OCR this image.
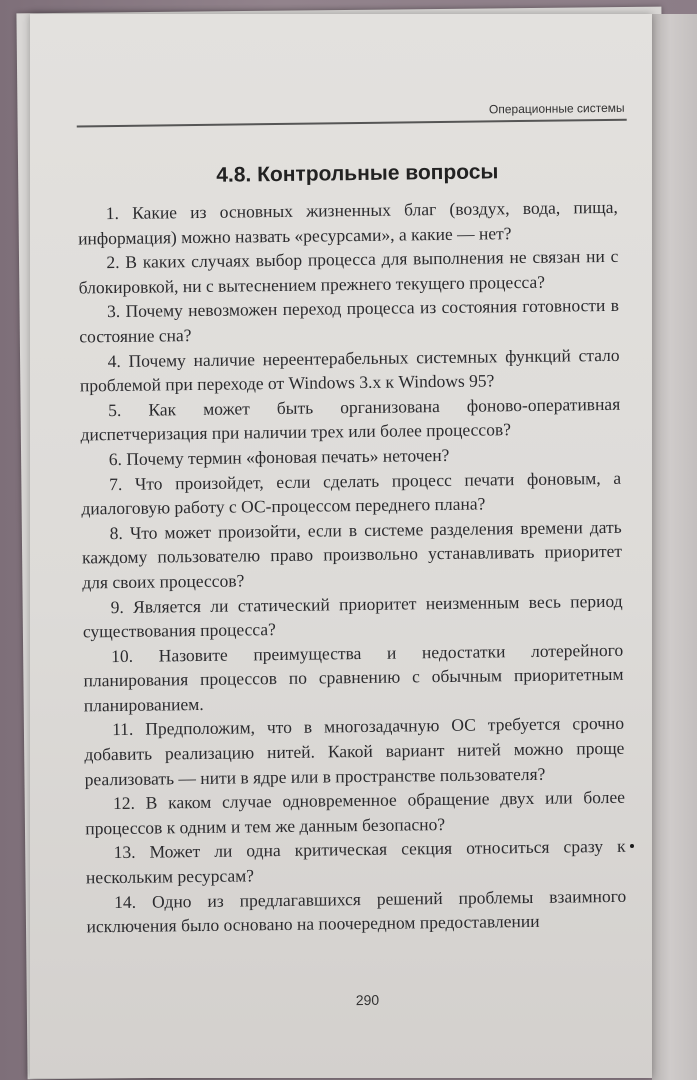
Операционные системы
4.8. Контрольные вопросы
1. Какие из основных жизненных благ (воздух, вода, пища, информация) можно назвать «ресурсами», а какие — нет?
2. В каких случаях выбор процесса для выполнения не связан ни с блокировкой, ни с вытеснением прежнего текущего процесса?
3. Почему невозможен переход процесса из состояния готовности в состояние сна?
4. Почему наличие нереентерабельных системных функций стало проблемой при переходе от Windows 3.x к Windows 95?
5. Как может быть организована фоново-оперативная диспетчеризация при наличии трех или более процессов?
6. Почему термин «фоновая печать» неточен?
7. Что произойдет, если сделать процесс печати фоновым, а диалоговую работу с ОС-процессом переднего плана?
8. Что может произойти, если в системе разделения времени дать каждому пользователю право произвольно устанавливать приоритет для своих процессов?
9. Является ли статический приоритет неизменным весь период существования процесса?
10. Назовите преимущества и недостатки лотерейного планирования процессов по сравнению с обычным приоритетным планированием.
11. Предположим, что в многозадачную ОС требуется срочно добавить реализацию нитей. Какой вариант нитей можно проще реализовать — нити в ядре или в пространстве пользователя?
12. В каком случае одновременное обращение двух или более процессов к одним и тем же данным безопасно?
13. Может ли одна критическая секция относиться сразу к нескольким ресурсам?
14. Одно из предлагавшихся решений проблемы взаимного исключения было основано на поочередном предоставлении
290
